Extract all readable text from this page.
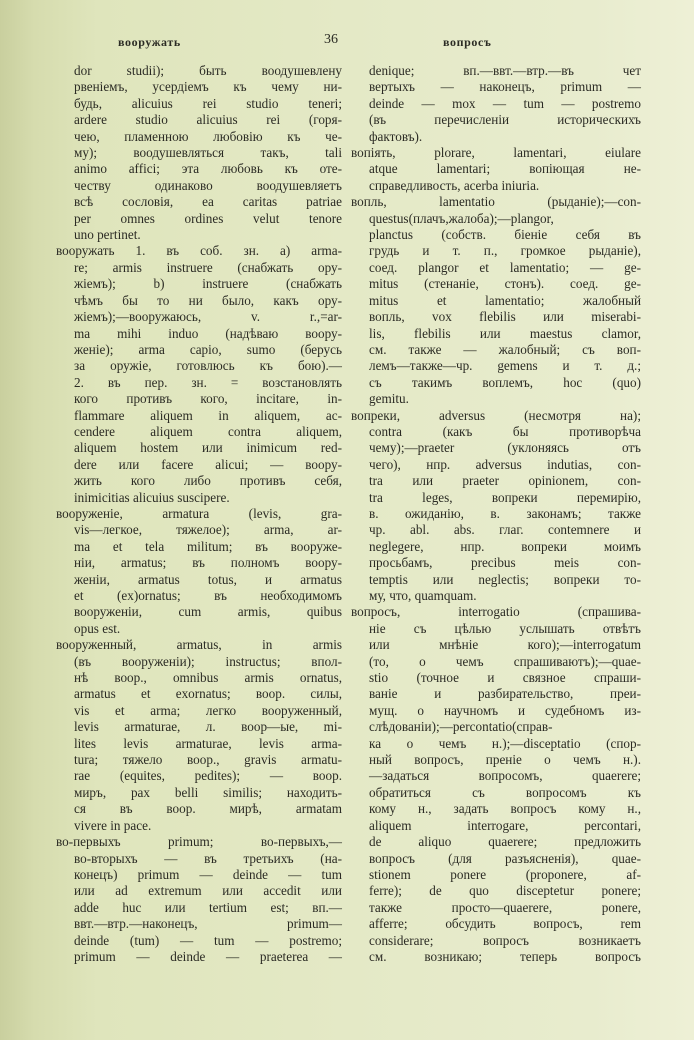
вооружать	36	вопросъ
dor studii); быть воодушевлену
рвеніемъ, усердіемъ къ чему ни-
будь, alicuius rei studio teneri;
ardere studio alicuius rei (горя-
чею, пламенною любовію къ че-
му); воодушевляться такъ, tali
animo affici; эта любовь къ оте-
честву одинаково воодушевляетъ
всѣ сословія, ea caritas patriae
per omnes ordines velut tenore
uno pertinet.
вооружать 1. въ соб. зн. а) arma-
re; armis instruere (снабжать ору-
жіемъ); b) instruere (снабжать
чѣмъ бы то ни было, какъ ору-
жіемъ);—вооружаюсь, v. r.,=ar-
ma mihi induo (надѣваю воору-
женіе); arma capio, sumo (берусь
за оружіе, готовлюсь къ бою).—
2. въ пер. зн. = возстановлять
кого противъ кого, incitare, in-
flammare aliquem in aliquem, ac-
cendere aliquem contra aliquem,
aliquem hostem или inimicum red-
dere или facere alicui; — воору-
жить кого либо противъ себя,
inimicitias alicuius suscipere.
вооруженіе, armatura (levis, gra-
vis—легкое, тяжелое); arma, ar-
ma et tela militum; въ вооруже-
ніи, armatus; въ полномъ воору-
женіи, armatus totus, и armatus
et (ex)ornatus; въ необходимомъ
вооруженіи, cum armis, quibus
opus est.
вооруженный, armatus, in armis
(въ вооруженіи); instructus; впол-
нѣ воор., omnibus armis ornatus,
armatus et exornatus; воор. силы,
vis et arma; легко вооруженный,
levis armaturae, л. воор—ые, mi-
lites levis armaturae, levis arma-
tura; тяжело воор., gravis armatu-
rae (equites, pedites); — воор.
миръ, pax belli similis; находить-
ся въ воор. мирѣ, armatam
vivere in pace.
во-первыхъ primum; во-первыхъ,—
во-вторыхъ — въ третьихъ (на-
конецъ) primum — deinde — tum
или ad extremum или accedit или
adde huc или tertium est; вп.—
ввт.—втр.—наконецъ, primum—
deinde (tum) — tum — postremo;
primum — deinde — praeterea —
denique; вп.—ввт.—втр.—въ чет
вертыхъ — наконецъ, primum —
deinde — mox — tum — postremo
(въ перечисленіи историческихъ
фактовъ).
вопіять, plorare, lamentari, eiulare
atque lamentari; вопіющая не-
справедливость, acerba iniuria.
вопль, lamentatio (рыданіе);—con-
questus(плачъ,жалоба);—plangor,
planctus (собств. біеніе себя въ
грудь и т. п., громкое рыданіе),
соед. plangor et lamentatio; — ge-
mitus (стенаніе, стонъ). соед. ge-
mitus et lamentatio; жалобный
вопль, vox flebilis или miserabi-
lis, flebilis или maestus clamor,
см. также — жалобный; съ воп-
лемъ—также—чр. gemens и т. д.;
съ такимъ воплемъ, hoc (quo)
gemitu.
вопреки, adversus (несмотря на);
contra (какъ бы противорѣча
чему);—praeter (уклоняясь отъ
чего), нпр. adversus indutias, con-
tra или praeter opinionem, con-
tra leges, вопреки перемирію,
в. ожиданію, в. законамъ; также
чр. abl. abs. глаг. contemnere и
neglegere, нпр. вопреки моимъ
просьбамъ, precibus meis con-
temptis или neglectis; вопреки то-
му, что, quamquam.
вопросъ, interrogatio (спрашива-
ніе съ цѣлью услышать отвѣтъ
или мнѣніе кого);—interrogatum
(то, о чемъ спрашиваютъ);—quae-
stio (точное и связное спраши-
ваніе и разбирательство, преи-
мущ. о научномъ и судебномъ из-
слѣдованіи);—percontatio(справ-
ка о чемъ н.);—disceptatio (спор-
ный вопросъ, преніе о чемъ н.).
—задаться вопросомъ, quaerere;
обратиться съ вопросомъ къ
кому н., задать вопросъ кому н.,
aliquem interrogare, percontari,
de aliquo quaerere; предложить
вопросъ (для разъясненія), quae-
stionem ponere (proponere, af-
ferre); de quo disceptetur ponere;
также просто—quaerere, ponere,
afferre; обсудить вопросъ, rem
considerare; вопросъ возникаетъ
см. возникаю; теперь вопросъ
